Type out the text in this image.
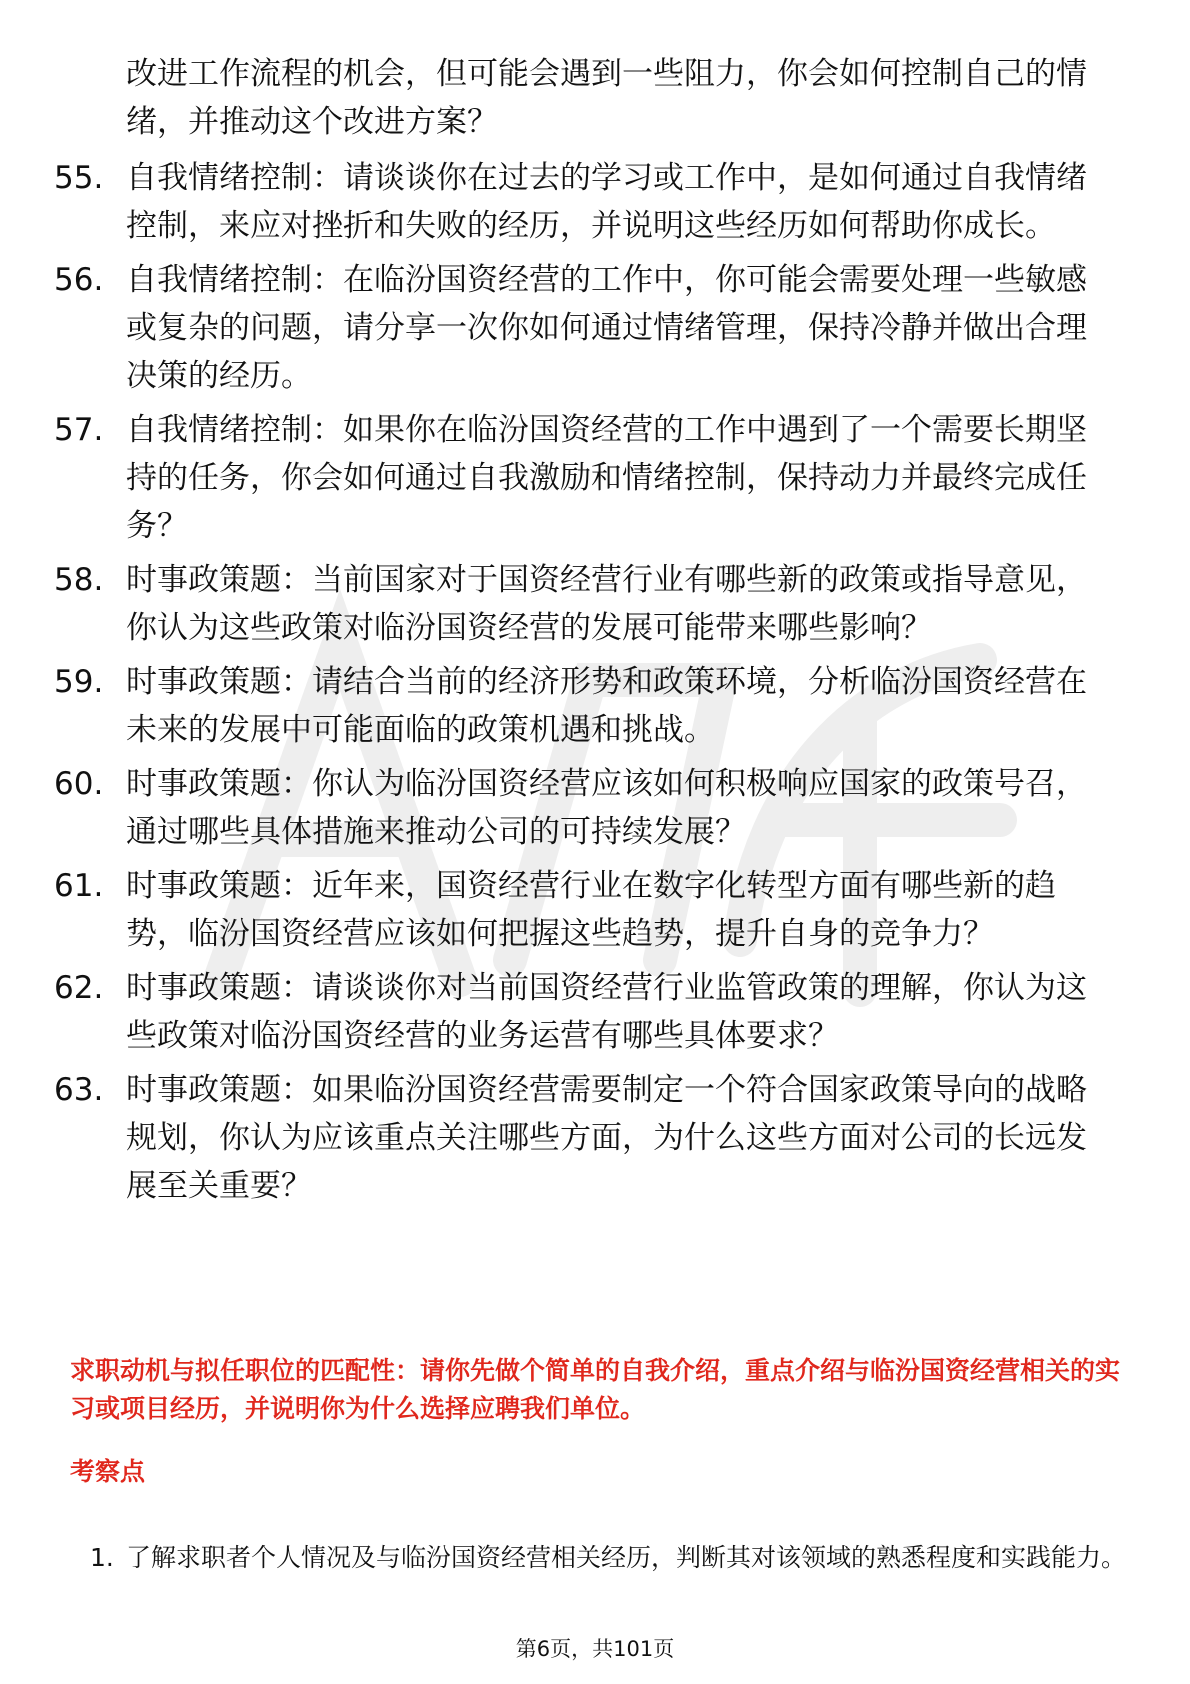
改进工作流程的机会，但可能会遇到一些阻力，你会如何控制自己的情绪，并推动这个改进方案？
55. 自我情绪控制：请谈谈你在过去的学习或工作中，是如何通过自我情绪控制，来应对挫折和失败的经历，并说明这些经历如何帮助你成长。
56. 自我情绪控制：在临汾国资经营的工作中，你可能会需要处理一些敏感或复杂的问题，请分享一次你如何通过情绪管理，保持冷静并做出合理决策的经历。
57. 自我情绪控制：如果你在临汾国资经营的工作中遇到了一个需要长期坚持的任务，你会如何通过自我激励和情绪控制，保持动力并最终完成任务？
58. 时事政策题：当前国家对于国资经营行业有哪些新的政策或指导意见，你认为这些政策对临汾国资经营的发展可能带来哪些影响？
59. 时事政策题：请结合当前的经济形势和政策环境，分析临汾国资经营在未来的发展中可能面临的政策机遇和挑战。
60. 时事政策题：你认为临汾国资经营应该如何积极响应国家的政策号召，通过哪些具体措施来推动公司的可持续发展？
61. 时事政策题：近年来，国资经营行业在数字化转型方面有哪些新的趋势，临汾国资经营应该如何把握这些趋势，提升自身的竞争力？
62. 时事政策题：请谈谈你对当前国资经营行业监管政策的理解，你认为这些政策对临汾国资经营的业务运营有哪些具体要求？
63. 时事政策题：如果临汾国资经营需要制定一个符合国家政策导向的战略规划，你认为应该重点关注哪些方面，为什么这些方面对公司的长远发展至关重要？
求职动机与拟任职位的匹配性：请你先做个简单的自我介绍，重点介绍与临汾国资经营相关的实习或项目经历，并说明你为什么选择应聘我们单位。
考察点
1. 了解求职者个人情况及与临汾国资经营相关经历，判断其对该领域的熟悉程度和实践能力。
第6页，共101页
